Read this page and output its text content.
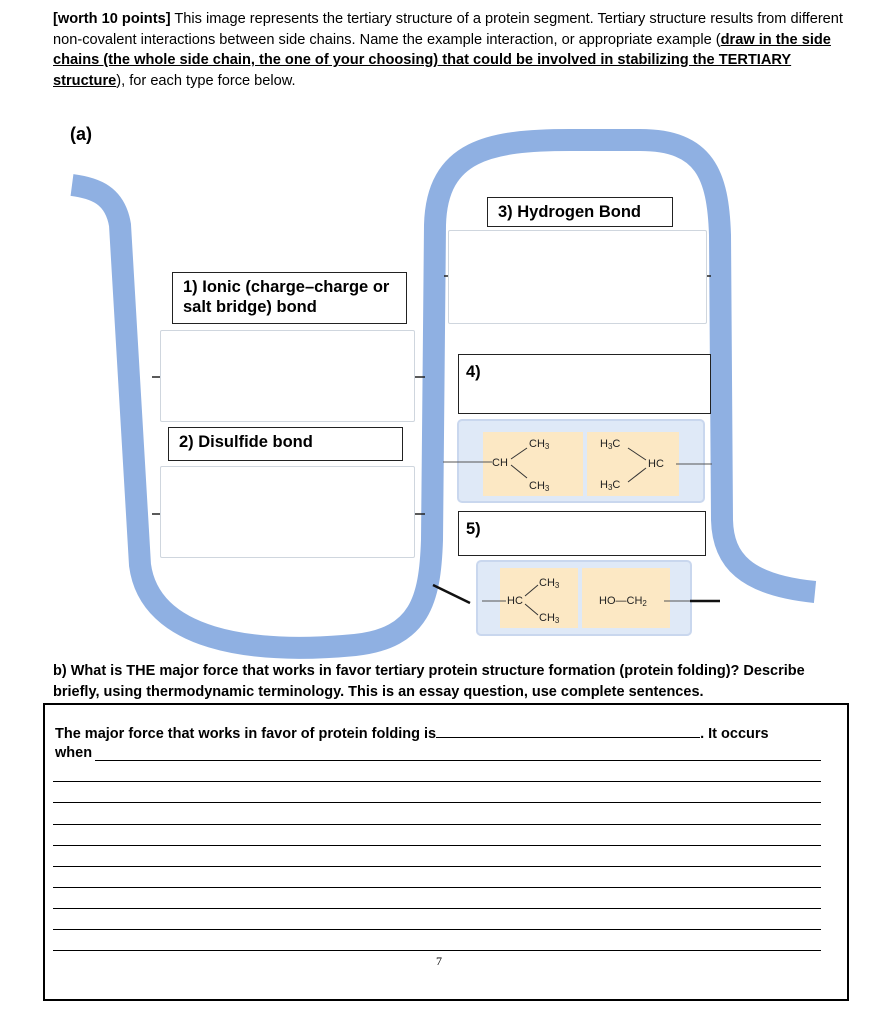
[worth 10 points] This image represents the tertiary structure of a protein segment. Tertiary structure results from different non-covalent interactions between side chains. Name the example interaction, or appropriate example (draw in the side chains (the whole side chain, the one of your choosing) that could be involved in stabilizing the TERTIARY structure), for each type force below.

(a)
1) Ionic (charge–charge or salt bridge) bond
2) Disulfide bond
3) Hydrogen Bond
4)
5)
CH
$CH_3$
$CH_3$
$H_3C$
$H_3C$
HC
HC
$CH_3$
$CH_3$
$HO—CH_2$

b) What is THE major force that works in favor tertiary protein structure formation (protein folding)? Describe briefly, using thermodynamic terminology. This is an essay question, use complete sentences.

The major force that works in favor of protein folding is	. It occurs
when
7
